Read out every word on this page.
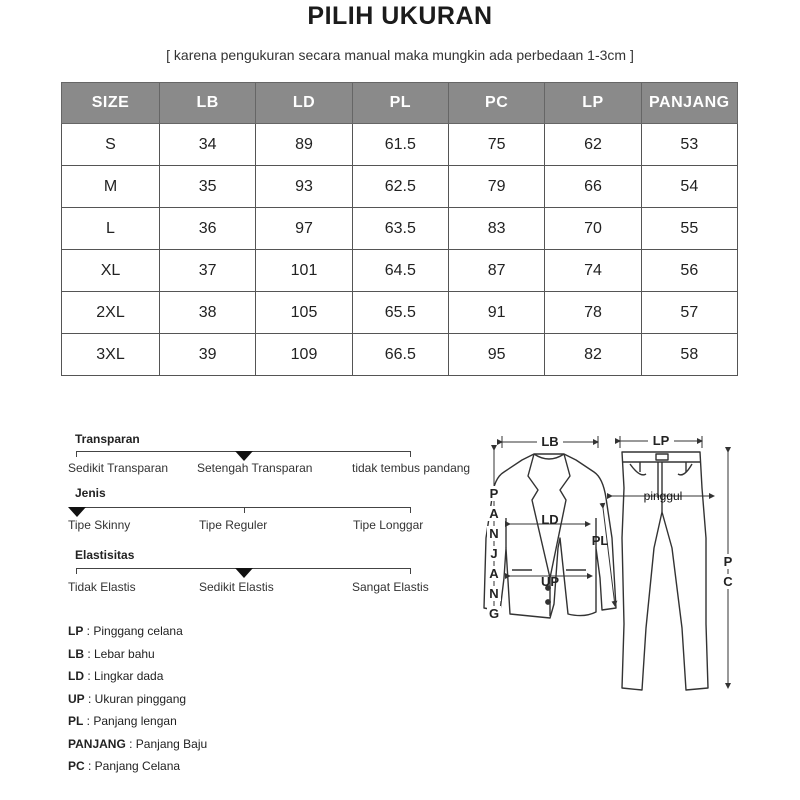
PILIH UKURAN
[ karena pengukuran secara manual maka mungkin ada perbedaan 1-3cm ]
SIZE	LB	LD	PL	PC	LP	PANJANG
S	34	89	61.5	75	62	53
M	35	93	62.5	79	66	54
L	36	97	63.5	83	70	55
XL	37	101	64.5	87	74	56
2XL	38	105	65.5	91	78	57
3XL	39	109	66.5	95	82	58
Transparan
Sedikit Transparan Setengah Transparan	tidak tembus pandang
Jenis
Tipe Skinny	Tipe Reguler	Tipe Longgar
Elastisitas
Tidak Elastis	Sedikit Elastis	Sangat Elastis
LP : Pinggang celana
LB : Lebar bahu
LD : Lingkar dada
UP : Ukuran pinggang
PL : Panjang lengan
PANJANG : Panjang Baju
PC : Panjang Celana
LB	LP
LD
UP
PL
P
A
N
J
A
N
G
pinggul
P
C
